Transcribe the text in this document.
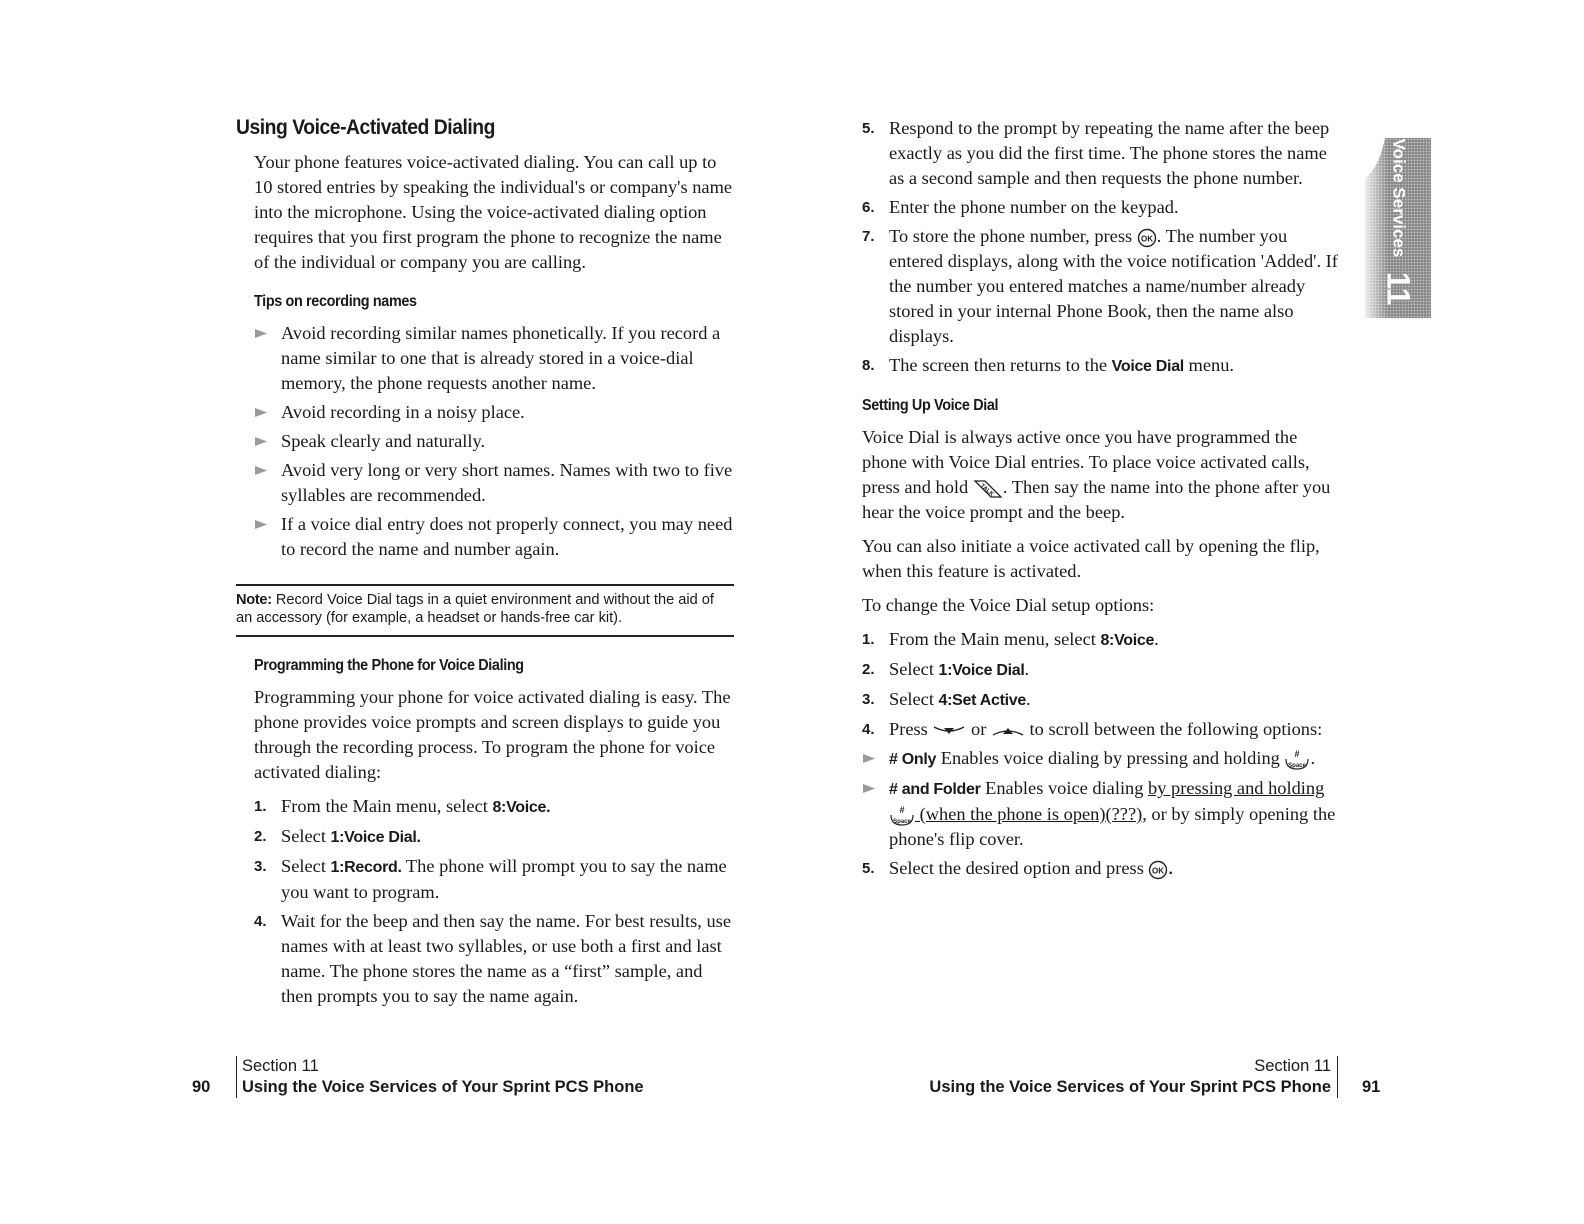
Using Voice-Activated Dialing

Your phone features voice-activated dialing. You can call up to 10 stored entries by speaking the individual's or company's name into the microphone. Using the voice-activated dialing option requires that you first program the phone to recognize the name of the individual or company you are calling.

Tips on recording names
Avoid recording similar names phonetically. If you record a name similar to one that is already stored in a voice-dial memory, the phone requests another name.
Avoid recording in a noisy place.
Speak clearly and naturally.
Avoid very long or very short names. Names with two to five syllables are recommended.
If a voice dial entry does not properly connect, you may need to record the name and number again.
Note: Record Voice Dial tags in a quiet environment and without the aid of an accessory (for example, a headset or hands-free car kit).
Programming the Phone for Voice Dialing

Programming your phone for voice activated dialing is easy. The phone provides voice prompts and screen displays to guide you through the recording process. To program the phone for voice activated dialing:

1. From the Main menu, select 8:Voice.
2. Select 1:Voice Dial.
3. Select 1:Record. The phone will prompt you to say the name you want to program.
4. Wait for the beep and then say the name. For best results, use names with at least two syllables, or use both a first and last name. The phone stores the name as a “first” sample, and then prompts you to say the name again.
5. Respond to the prompt by repeating the name after the beep exactly as you did the first time. The phone stores the name as a second sample and then requests the phone number.
6. Enter the phone number on the keypad.
7. To store the phone number, press OK . The number you entered displays, along with the voice notification 'Added'. If the number you entered matches a name/number already stored in your internal Phone Book, then the name also displays.
8. The screen then returns to the Voice Dial menu.
Setting Up Voice Dial

Voice Dial is always active once you have programmed the phone with Voice Dial entries. To place voice activated calls, press and hold TALK . Then say the name into the phone after you hear the voice prompt and the beep.

You can also initiate a voice activated call by opening the flip, when this feature is activated.

To change the Voice Dial setup options:

1. From the Main menu, select 8:Voice.
2. Select 1:Voice Dial.
3. Select 4:Set Active.
4. Press  or  to scroll between the following options:
# Only Enables voice dialing by pressing and holding #
Space .
# and Folder Enables voice dialing by pressing and holding
#
Space (when the phone is open)(???), or by simply opening the phone's flip cover.
5. Select the desired option and press OK .
Voice Services
11
Section 11
Using the Voice Services of Your Sprint PCS Phone
90
Section 11
Using the Voice Services of Your Sprint PCS Phone 91
